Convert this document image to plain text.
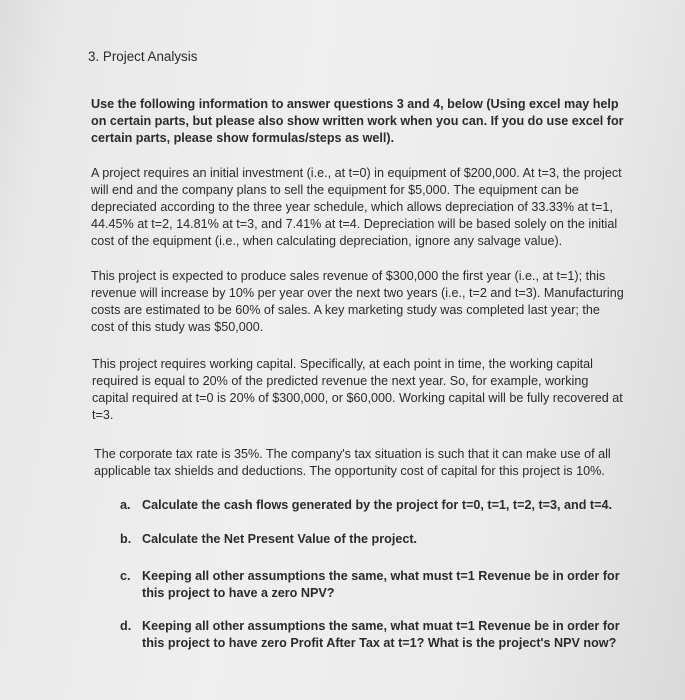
3. Project Analysis
Use the following information to answer questions 3 and 4, below (Using excel may help
on certain parts, but please also show written work when you can. If you do use excel for
certain parts, please show formulas/steps as well).
A project requires an initial investment (i.e., at t=0) in equipment of $200,000. At t=3, the project
will end and the company plans to sell the equipment for $5,000. The equipment can be
depreciated according to the three year schedule, which allows depreciation of 33.33% at t=1,
44.45% at t=2, 14.81% at t=3, and 7.41% at t=4. Depreciation will be based solely on the initial
cost of the equipment (i.e., when calculating depreciation, ignore any salvage value).
This project is expected to produce sales revenue of $300,000 the first year (i.e., at t=1); this
revenue will increase by 10% per year over the next two years (i.e., t=2 and t=3). Manufacturing
costs are estimated to be 60% of sales. A key marketing study was completed last year; the
cost of this study was $50,000.
This project requires working capital. Specifically, at each point in time, the working capital
required is equal to 20% of the predicted revenue the next year. So, for example, working
capital required at t=0 is 20% of $300,000, or $60,000. Working capital will be fully recovered at
t=3.
The corporate tax rate is 35%. The company's tax situation is such that it can make use of all
applicable tax shields and deductions. The opportunity cost of capital for this project is 10%.
a. Calculate the cash flows generated by the project for t=0, t=1, t=2, t=3, and t=4.
b. Calculate the Net Present Value of the project.
c. Keeping all other assumptions the same, what must t=1 Revenue be in order for
this project to have a zero NPV?
d. Keeping all other assumptions the same, what muat t=1 Revenue be in order for
this project to have zero Profit After Tax at t=1? What is the project's NPV now?
